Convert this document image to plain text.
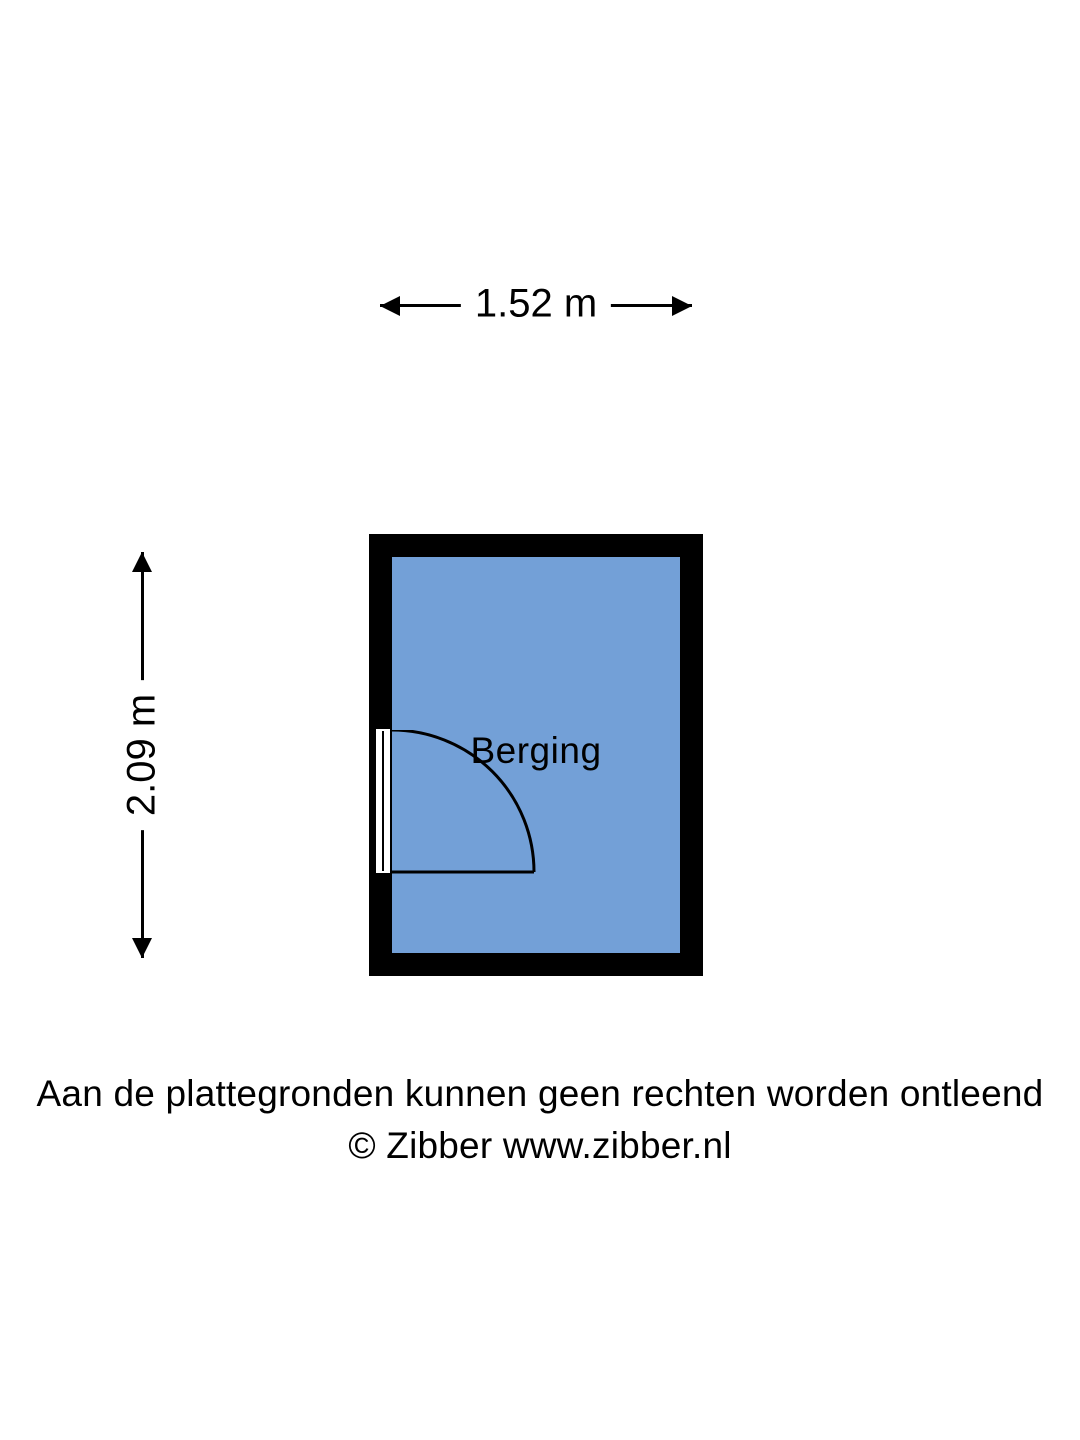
1.52 m
2.09 m	Berging
Aan de plattegronden kunnen geen rechten worden ontleend
© Zibber www.zibber.nl
